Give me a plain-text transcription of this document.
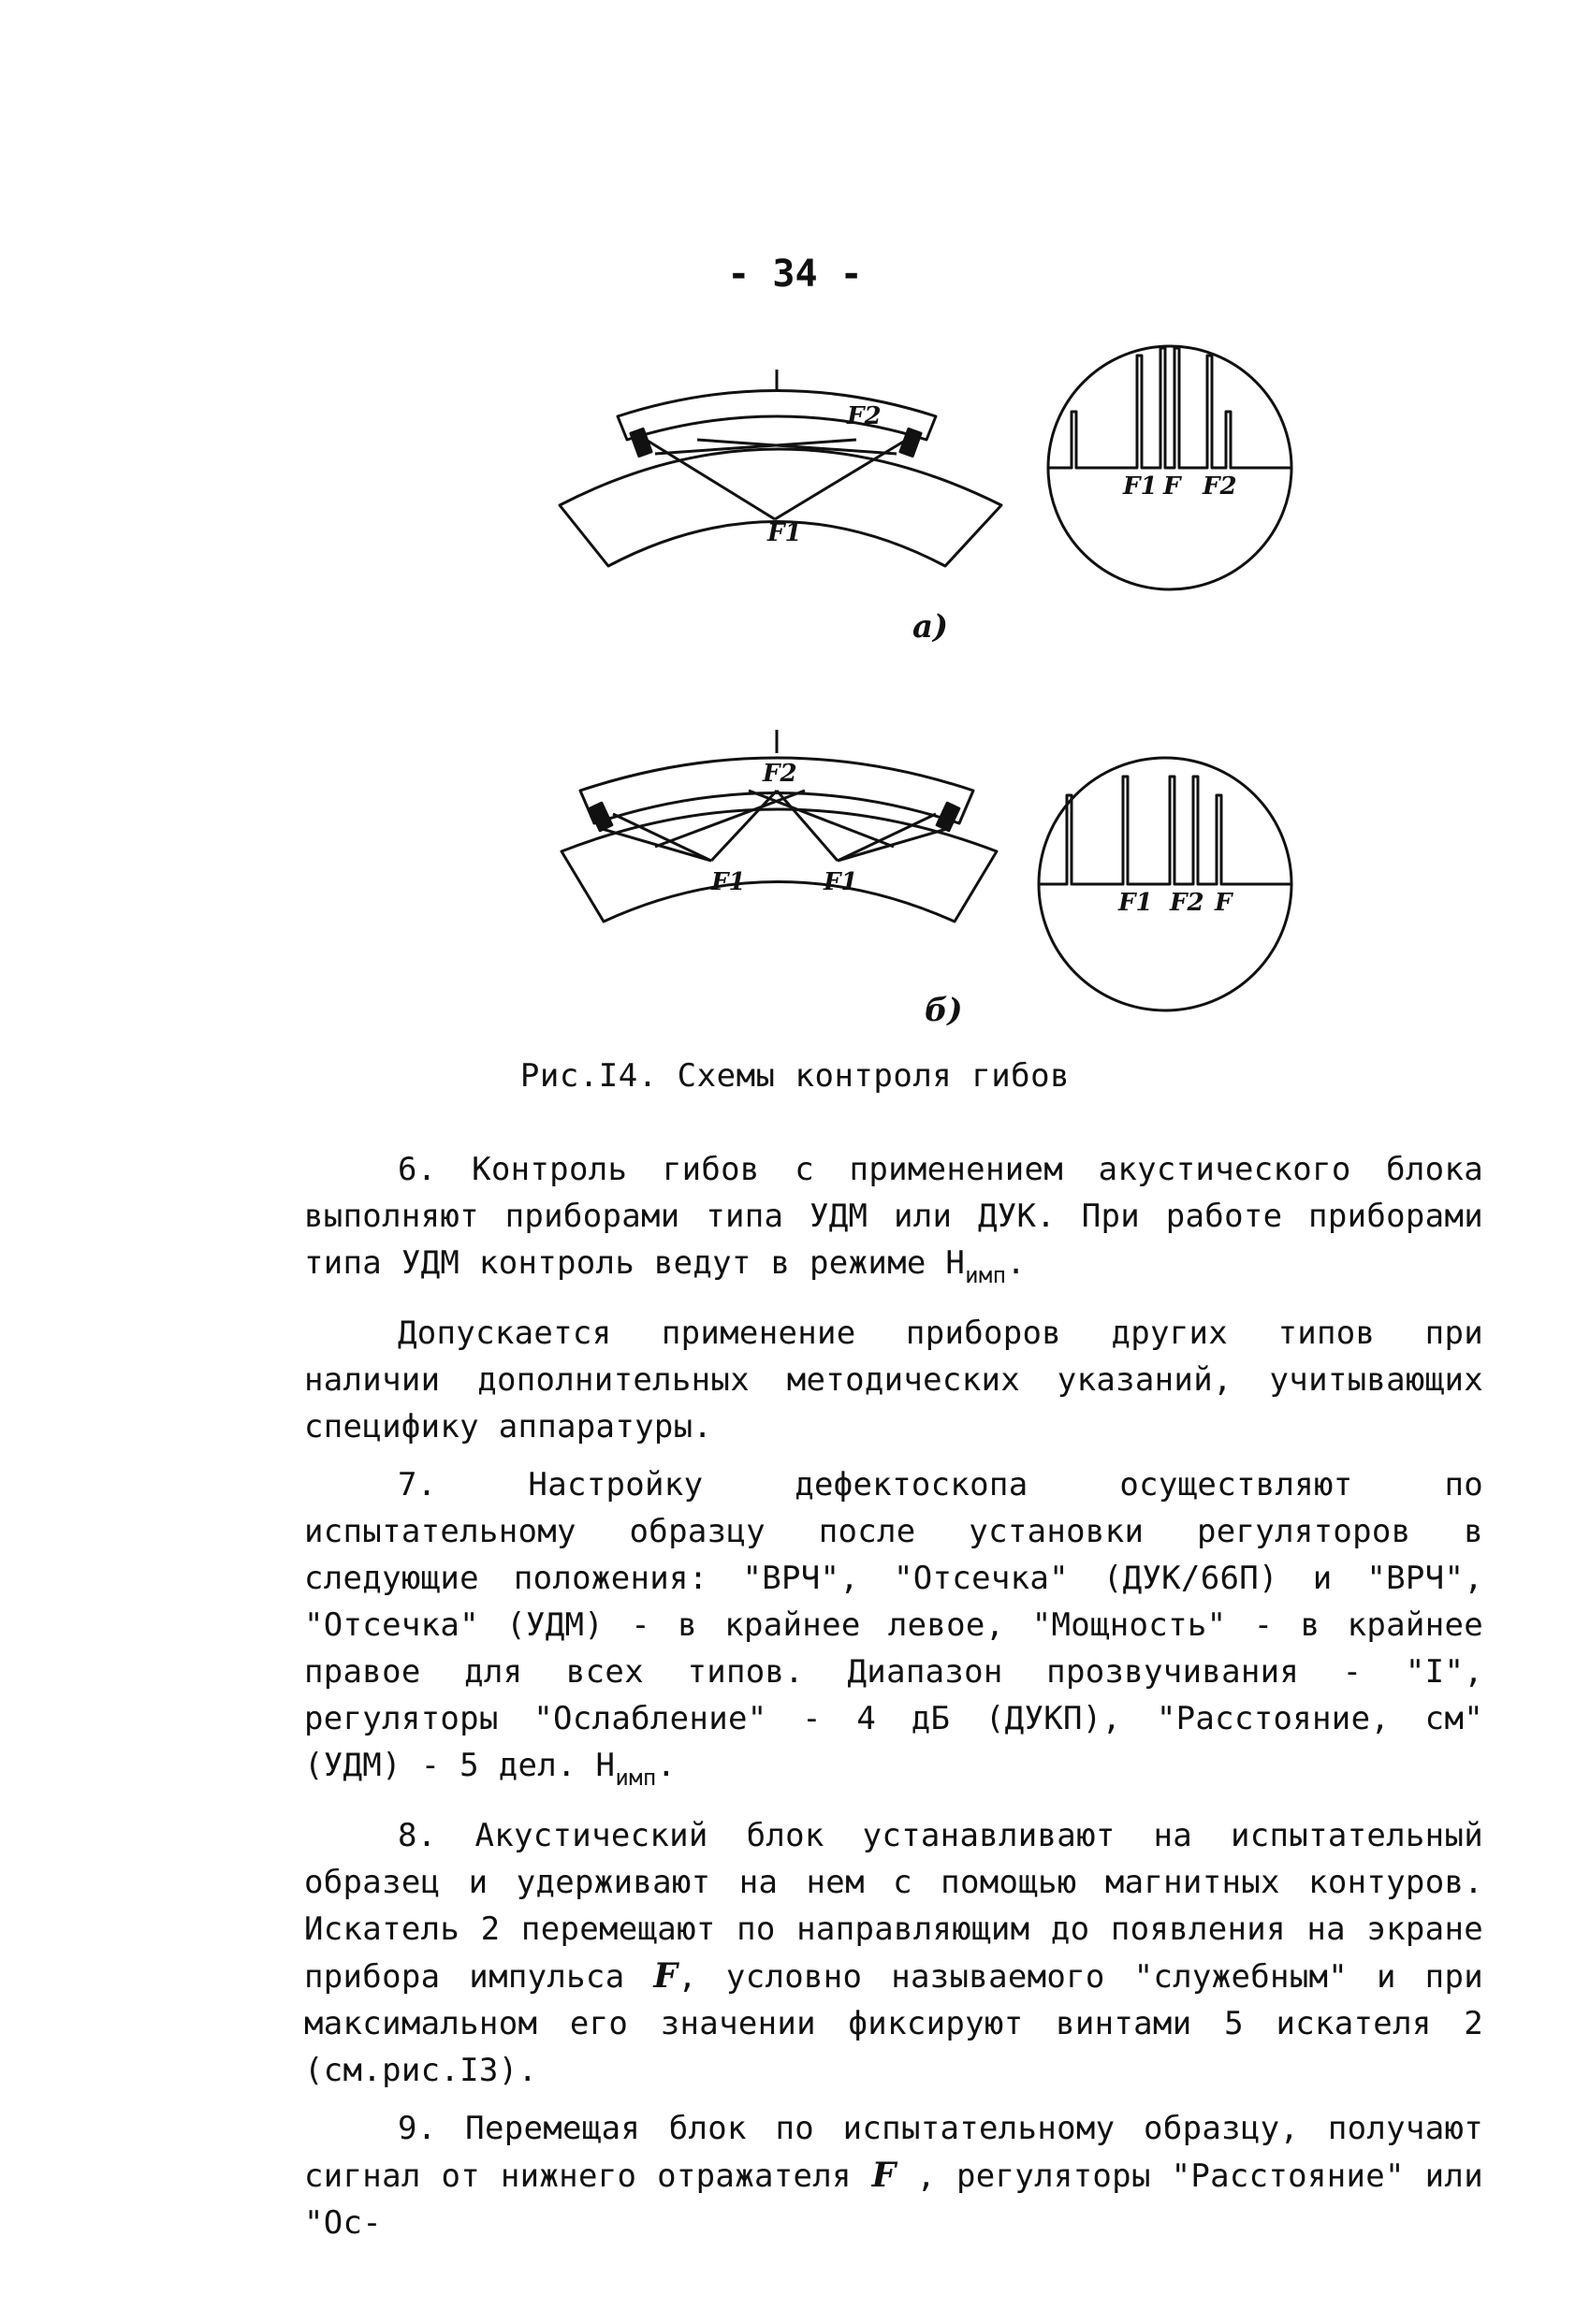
- 34 -
F2
F1
F1 F F2
а)
F2
F1	F1
F1 F2 F
б)
Рис.I4. Схемы контроля гибов

6. Контроль гибов с применением акустического блока выполняют приборами типа УДМ или ДУК. При работе приборами типа УДМ контроль ведут в режиме $Н_{имп}$.

Допускается применение приборов других типов при наличии дополнительных методических указаний, учитывающих специфику аппаратуры.

7. Настройку дефектоскопа осуществляют по испытательному образцу после установки регуляторов в следующие положения: "ВРЧ", "Отсечка" (ДУК/66П) и "ВРЧ", "Отсечка" (УДМ) - в крайнее левое, "Мощность" - в крайнее правое для всех типов. Диапазон прозвучивания - "I", регуляторы "Ослабление" - 4 дБ (ДУКП), "Расстояние, см" (УДМ) - 5 дел. $Н_{имп}$.

8. Акустический блок устанавливают на испытательный образец и удерживают на нем с помощью магнитных контуров. Искатель 2 перемещают по направляющим до появления на экране прибора импульса F, условно называемого "служебным" и при максимальном его значении фиксируют винтами 5 искателя 2 (см.рис.I3).

9. Перемещая блок по испытательному образцу, получают сигнал от нижнего отражателя F , регуляторы "Расстояние" или "Ос-
